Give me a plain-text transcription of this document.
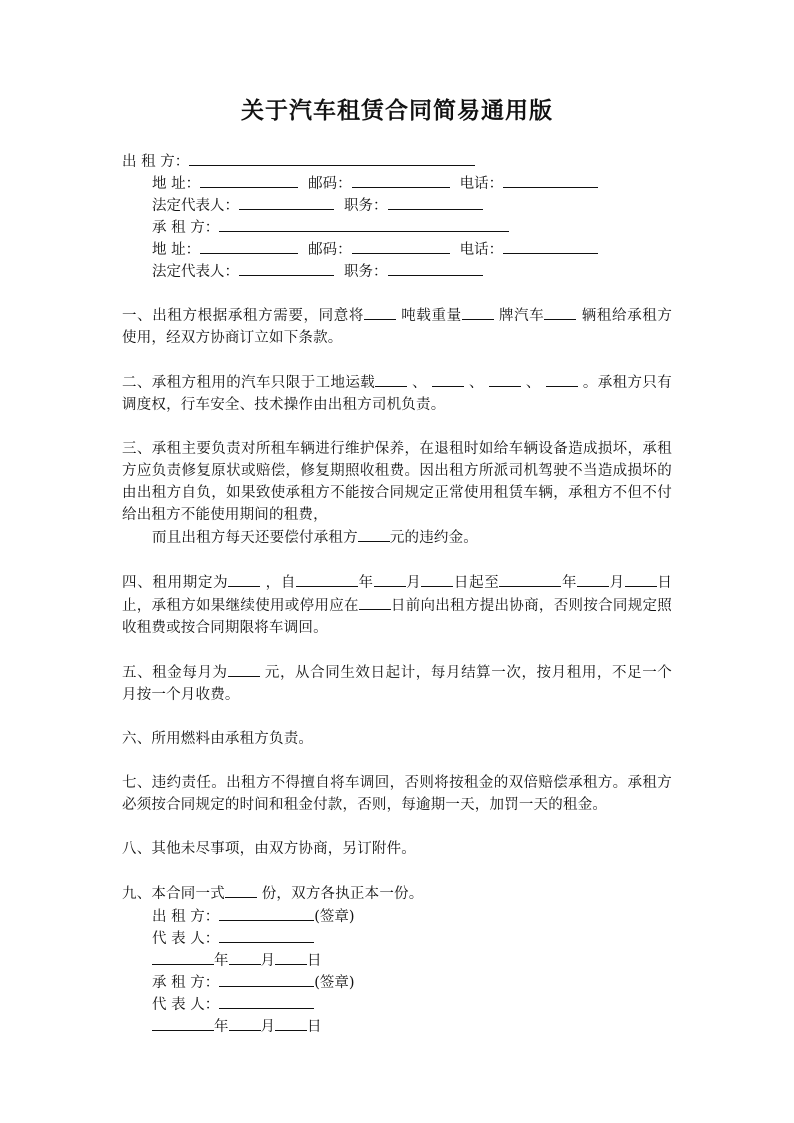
关于汽车租赁合同简易通用版
出 租 方：
地 址：	邮码：	电话：
法定代表人：	职务：
承 租 方：
地 址：	邮码：	电话：
法定代表人：	职务：

一、出租方根据承租方需要，同意将	吨载重量	牌汽车	辆租给承租方使用，经双方协商订立如下条款。

二、承租方租用的汽车只限于工地运载	、	、	、	。承租方只有调度权，行车安全、技术操作由出租方司机负责。

三、承租主要负责对所租车辆进行维护保养，在退租时如给车辆设备造成损坏，承租方应负责修复原状或赔偿，修复期照收租费。因出租方所派司机驾驶不当造成损坏的由出租方自负，如果致使承租方不能按合同规定正常使用租赁车辆，承租方不但不付给出租方不能使用期间的租费，

而且出租方每天还要偿付承租方 元的违约金。

四、租用期定为	，自	年 月 日起至	年 月 日止，承租方如果继续使用或停用应在 日前向出租方提出协商，否则按合同规定照收租费或按合同期限将车调回。

五、租金每月为	元，从合同生效日起计，每月结算一次，按月租用，不足一个月按一个月收费。

六、所用燃料由承租方负责。

七、违约责任。出租方不得擅自将车调回，否则将按租金的双倍赔偿承租方。承租方必须按合同规定的时间和租金付款，否则，每逾期一天，加罚一天的租金。

八、其他未尽事项，由双方协商，另订附件。

九、本合同一式	份，双方各执正本一份。

出 租 方：	(签章)
代 表 人：
年 月 日
承 租 方：	(签章)
代 表 人：
年 月 日
